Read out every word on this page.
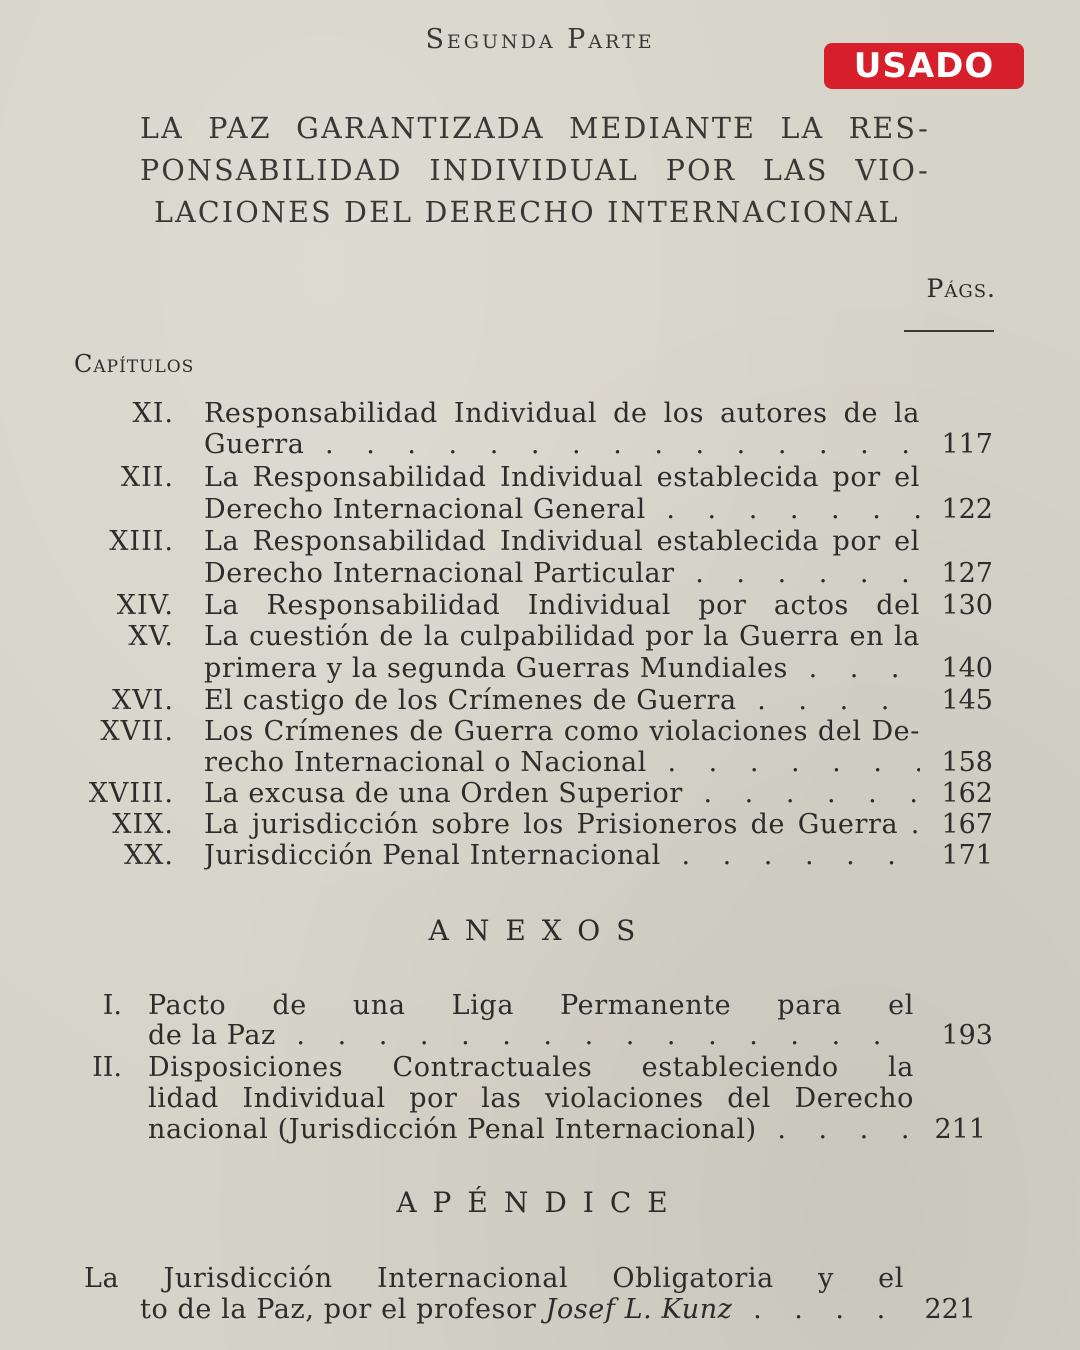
Segunda Parte
USADO
LA PAZ GARANTIZADA MEDIANTE LA RES-
PONSABILIDAD INDIVIDUAL POR LAS VIO-
LACIONES DEL DERECHO INTERNACIONAL
Págs.
Capítulos
XI. Responsabilidad Individual de los autores de la
Guerra . . .	117
XII. La Responsabilidad Individual establecida por el
Derecho Internacional General . . .	122
XIII. La Responsabilidad Individual establecida por el
Derecho Internacional Particular . . .	127
XIV. La Responsabilidad Individual por actos del 130
XV. La cuestión de la culpabilidad por la Guerra en la
primera y la segunda Guerras Mundiales . . .	140
XVI. El castigo de los Crímenes de Guerra . . .	145
XVII. Los Crímenes de Guerra como violaciones del De-
recho Internacional o Nacional . . .	158
XVIII. La excusa de una Orden Superior . . .	162
XIX. La jurisdicción sobre los Prisioneros de Guerra . 167
XX. Jurisdicción Penal Internacional . . .	171
ANEXOS
I. Pacto de una Liga Permanente para el
de la Paz . . .	193
II. Disposiciones Contractuales estableciendo la
lidad Individual por las violaciones del Derecho
nacional (Jurisdicción Penal Internacional) . . .	211
APÉNDICE
La Jurisdicción Internacional Obligatoria y el
to de la Paz, por el profesor Josef L. Kunz . . .	221
